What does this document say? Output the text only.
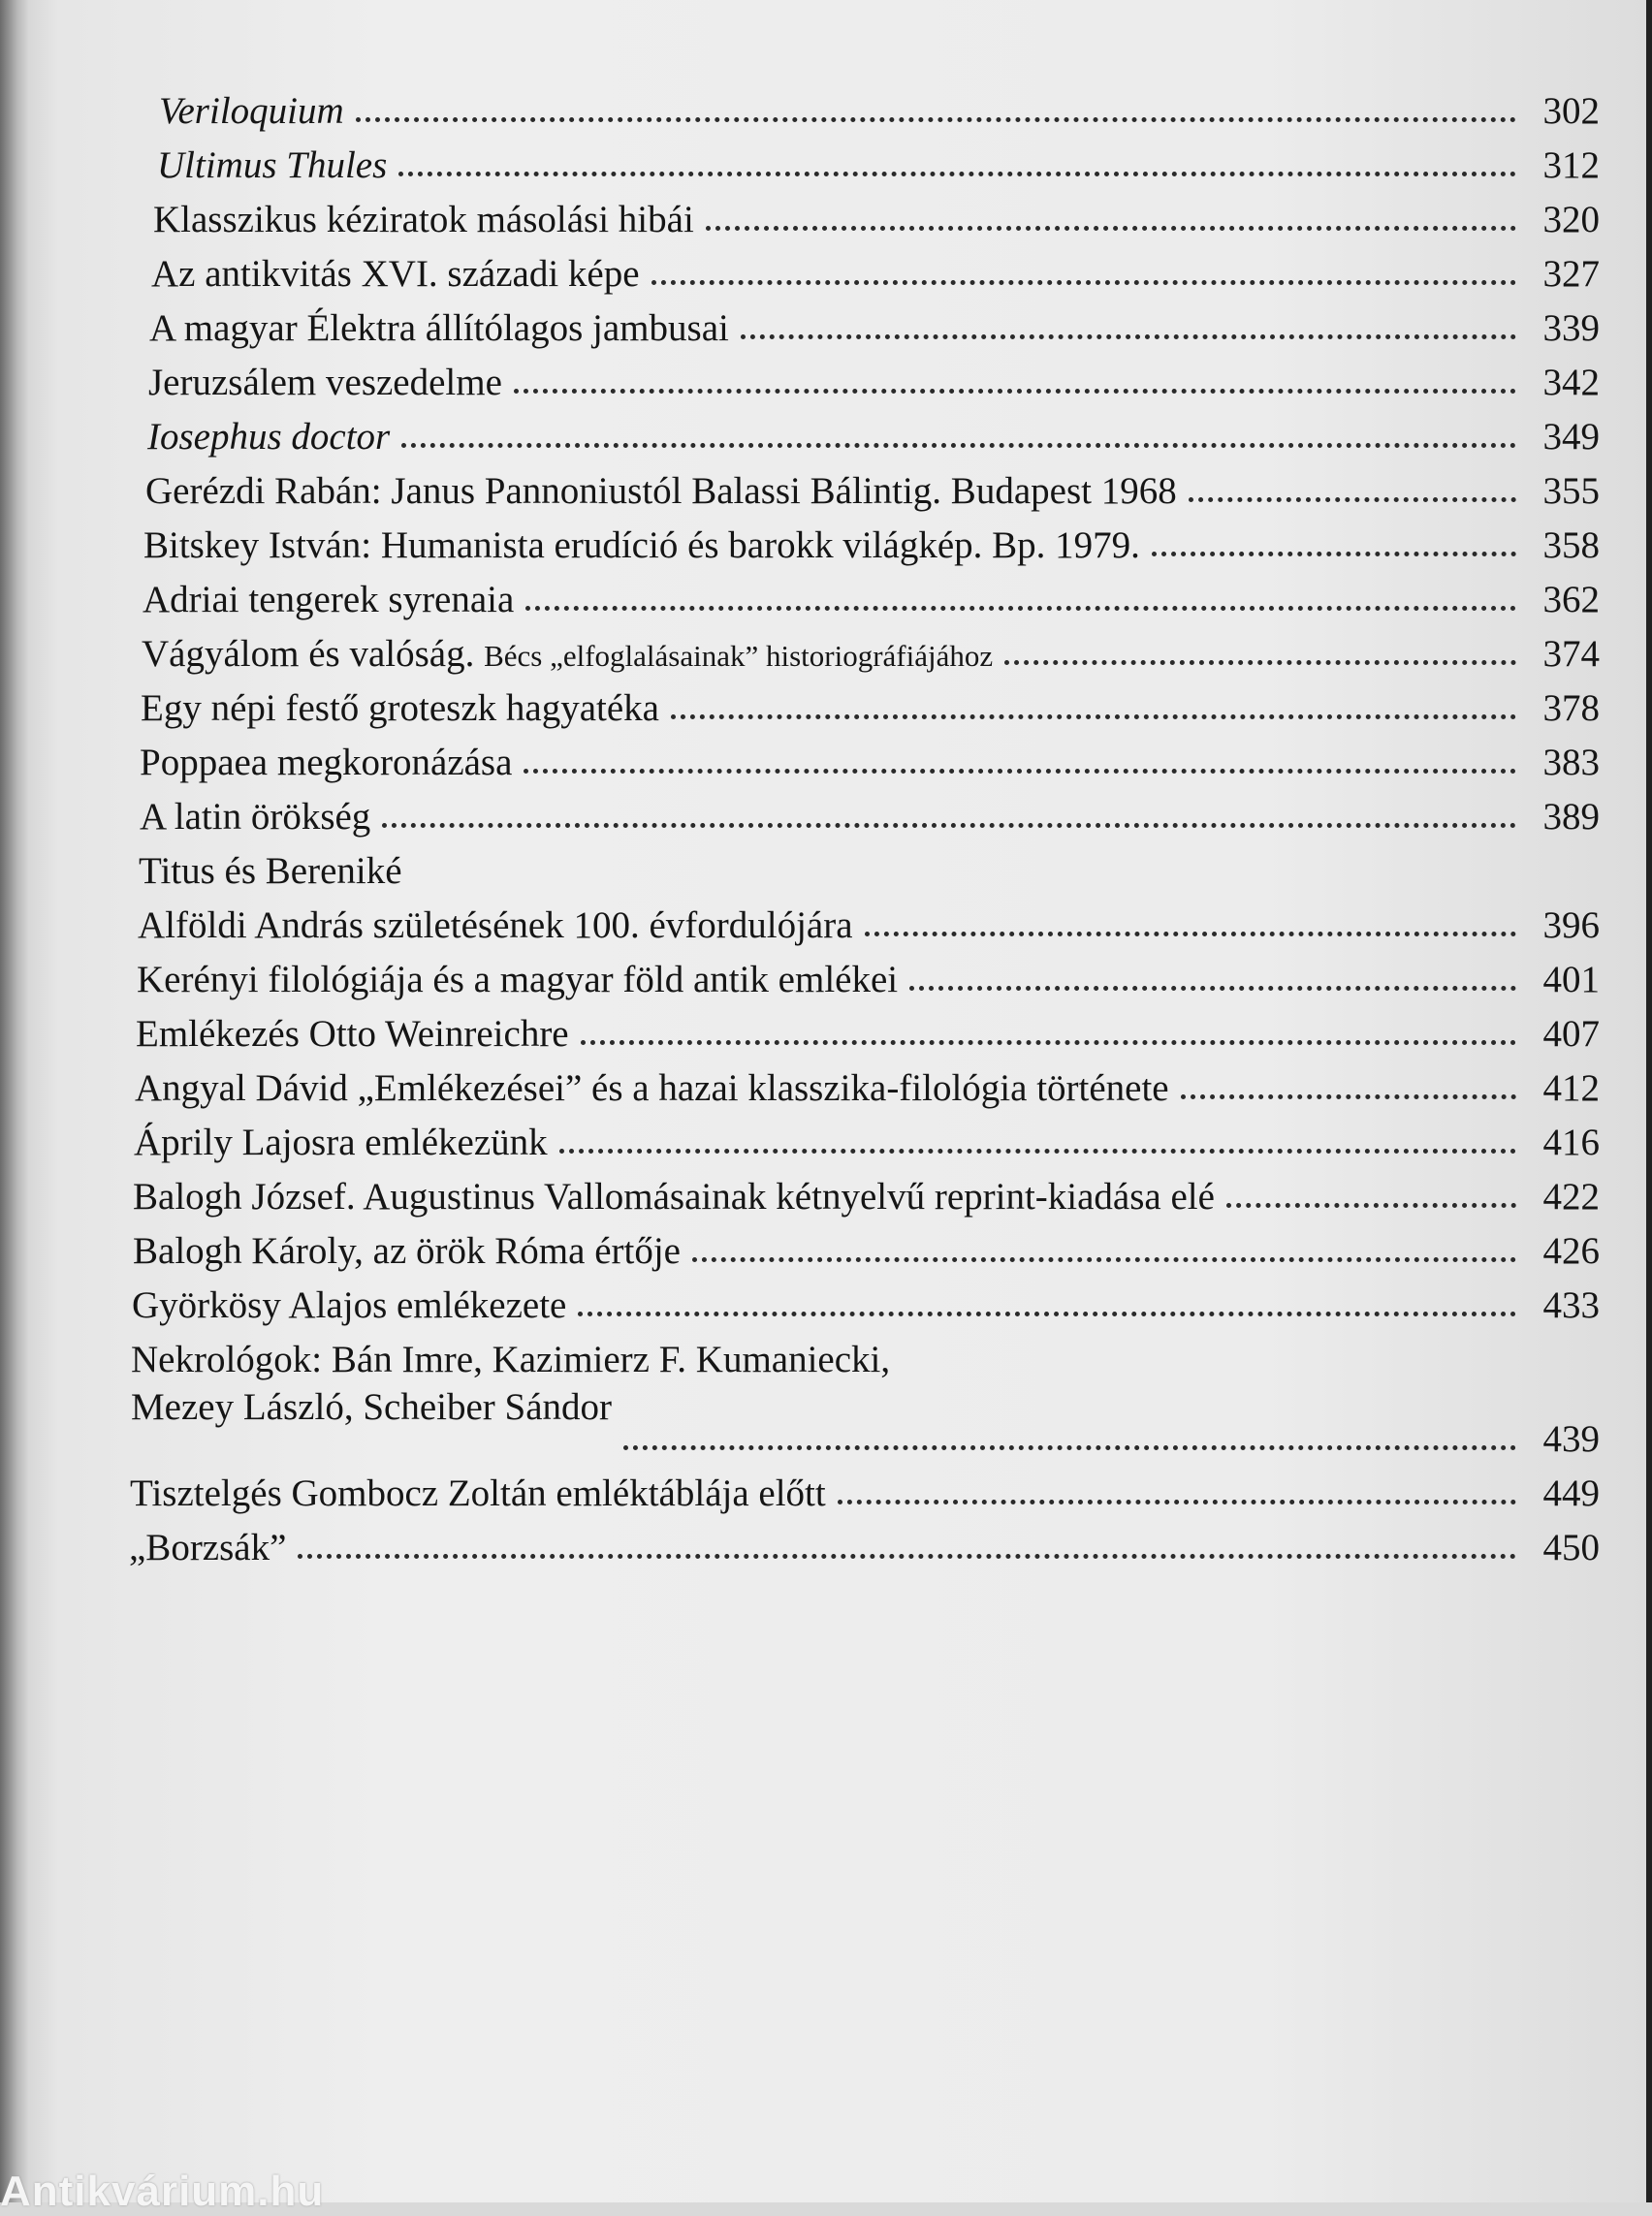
Veriloquium	302
Ultimus Thules	312
Klasszikus kéziratok másolási hibái	320
Az antikvitás XVI. századi képe	327
A magyar Élektra állítólagos jambusai	339
Jeruzsálem veszedelme	342
Iosephus doctor	349
Gerézdi Rabán: Janus Pannoniustól Balassi Bálintig. Budapest 1968	355
Bitskey István: Humanista erudíció és barokk világkép. Bp. 1979.	358
Adriai tengerek syrenaia	362
Vágyálom és valóság. Bécs „elfoglalásainak” historiográfiájához	374
Egy népi festő groteszk hagyatéka	378
Poppaea megkoronázása	383
A latin örökség	389
Titus és Bereniké
Alföldi András születésének 100. évfordulójára	396
Kerényi filológiája és a magyar föld antik emlékei	401
Emlékezés Otto Weinreichre	407
Angyal Dávid „Emlékezései” és a hazai klasszika-filológia története	412
Áprily Lajosra emlékezünk	416
Balogh József. Augustinus Vallomásainak kétnyelvű reprint-kiadása elé	422
Balogh Károly, az örök Róma értője	426
Györkösy Alajos emlékezete	433
Nekrológok: Bán Imre, Kazimierz F. Kumaniecki,
Mezey László, Scheiber Sándor
439
Tisztelgés Gombocz Zoltán emléktáblája előtt	449
„Borzsák”	450
Antikvárium.hu
